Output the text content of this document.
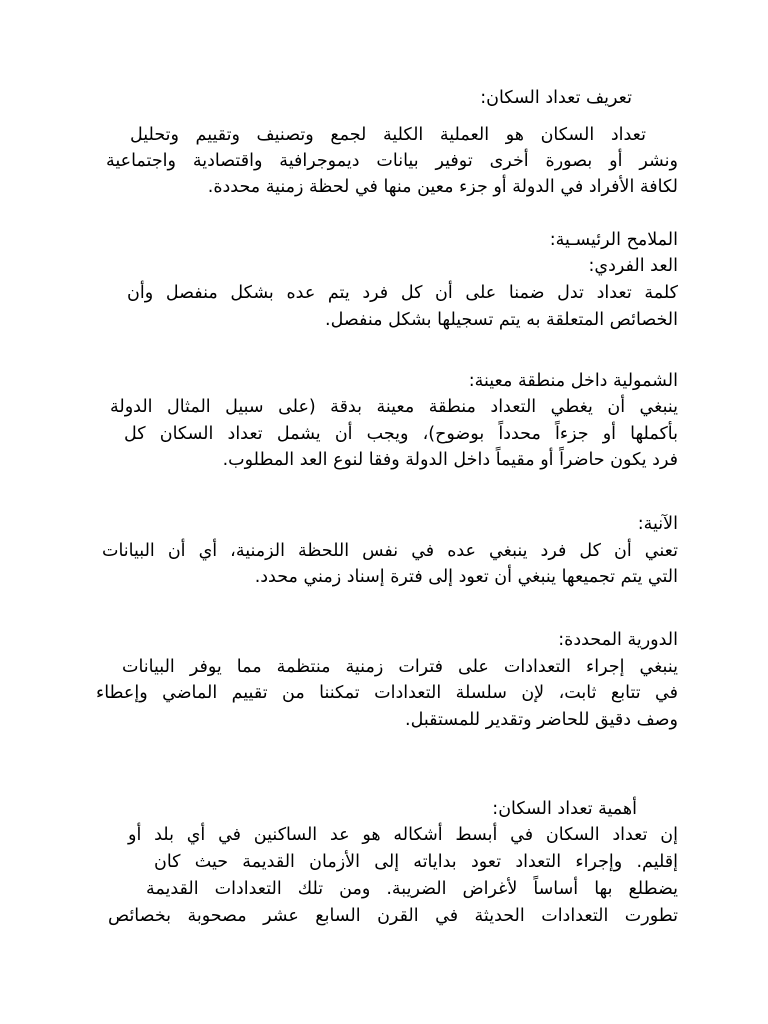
تعريف تعداد السكان:
تعداد السكان هو العملية الكلية لجمع وتصنيف وتقييم وتحليل
ونشر أو بصورة أخرى توفير بيانات ديموجرافية واقتصادية واجتماعية
لكافة الأفراد في الدولة أو جزء معين منها في لحظة زمنية محددة.
الملامح الرئيسـية:
العد الفردي:
كلمة تعداد تدل ضمنا على أن كل فرد يتم عده بشكل منفصل وأن
الخصائص المتعلقة به يتم تسجيلها بشكل منفصل.
الشمولية داخل منطقة معينة:
ينبغي أن يغطي التعداد منطقة معينة بدقة (على سبيل المثال الدولة
بأكملها أو جزءاً محدداً بوضوح)، ويجب أن يشمل تعداد السكان كل
فرد يكون حاضراً أو مقيماً داخل الدولة وفقا لنوع العد المطلوب.
الآنية:
تعني أن كل فرد ينبغي عده في نفس اللحظة الزمنية، أي أن البيانات
التي يتم تجميعها ينبغي أن تعود إلى فترة إسناد زمني محدد.
الدورية المحددة:
ينبغي إجراء التعدادات على فترات زمنية منتظمة مما يوفر البيانات
في تتابع ثابت، لإن سلسلة التعدادات تمكننا من تقييم الماضي وإعطاء
وصف دقيق للحاضر وتقدير للمستقبل.
أهمية تعداد السكان:
إن تعداد السكان في أبسط أشكاله هو عد الساكنين في أي بلد أو
إقليم. وإجراء التعداد تعود بداياته إلى الأزمان القديمة حيث كان
يضطلع بها أساساً لأغراض الضريبة. ومن تلك التعدادات القديمة
تطورت التعدادات الحديثة في القرن السابع عشر مصحوبة بخصائص
